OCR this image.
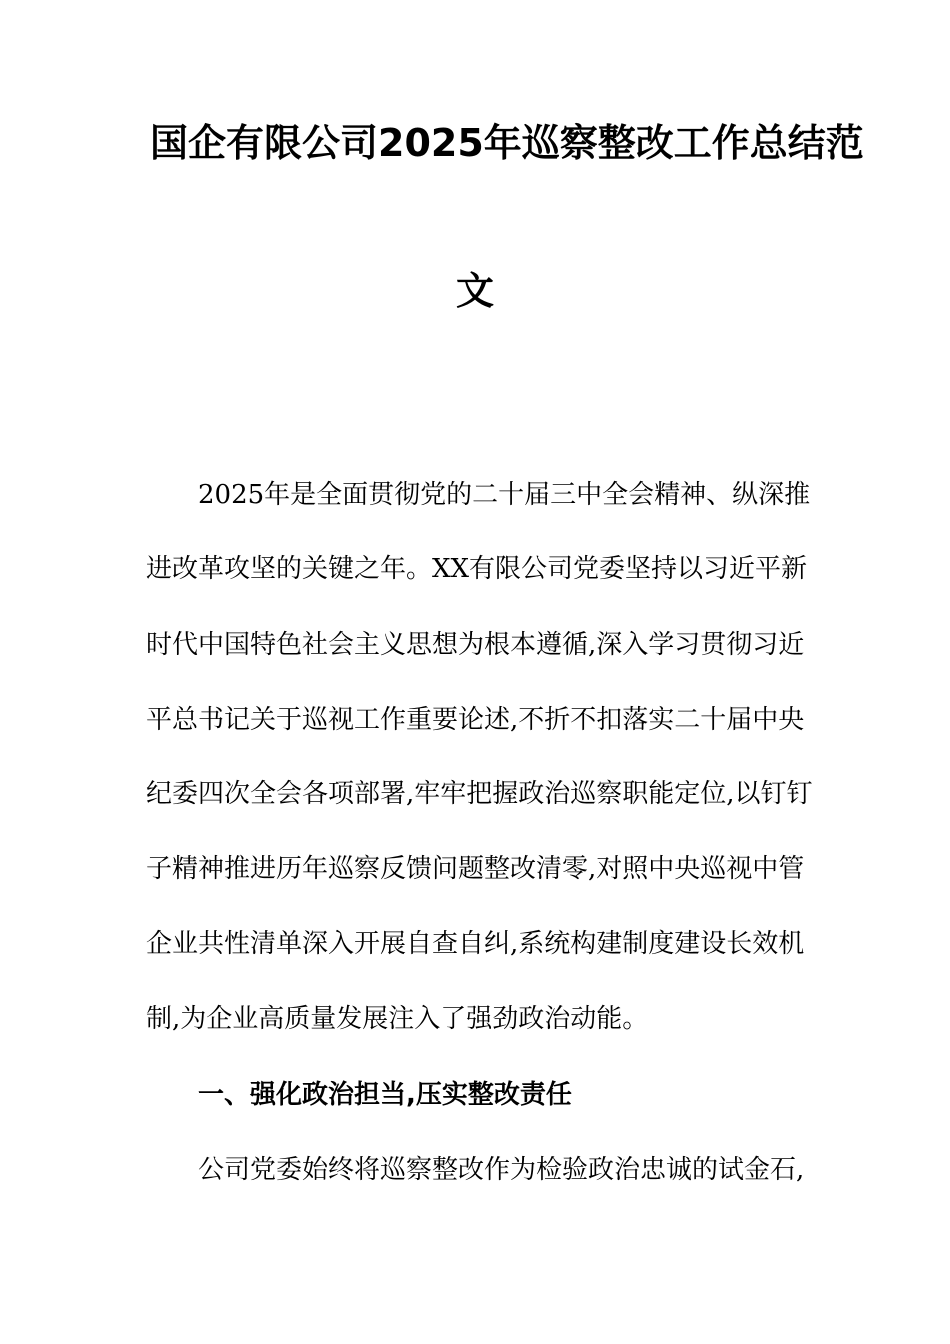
国企有限公司2025年巡察整改工作总结范
文
2025年是全面贯彻党的二十届三中全会精神、纵深推
进改革攻坚的关键之年。XX有限公司党委坚持以习近平新
时代中国特色社会主义思想为根本遵循,深入学习贯彻习近
平总书记关于巡视工作重要论述,不折不扣落实二十届中央
纪委四次全会各项部署,牢牢把握政治巡察职能定位,以钉钉
子精神推进历年巡察反馈问题整改清零,对照中央巡视中管
企业共性清单深入开展自查自纠,系统构建制度建设长效机
制,为企业高质量发展注入了强劲政治动能。
一、强化政治担当,压实整改责任
公司党委始终将巡察整改作为检验政治忠诚的试金石,
